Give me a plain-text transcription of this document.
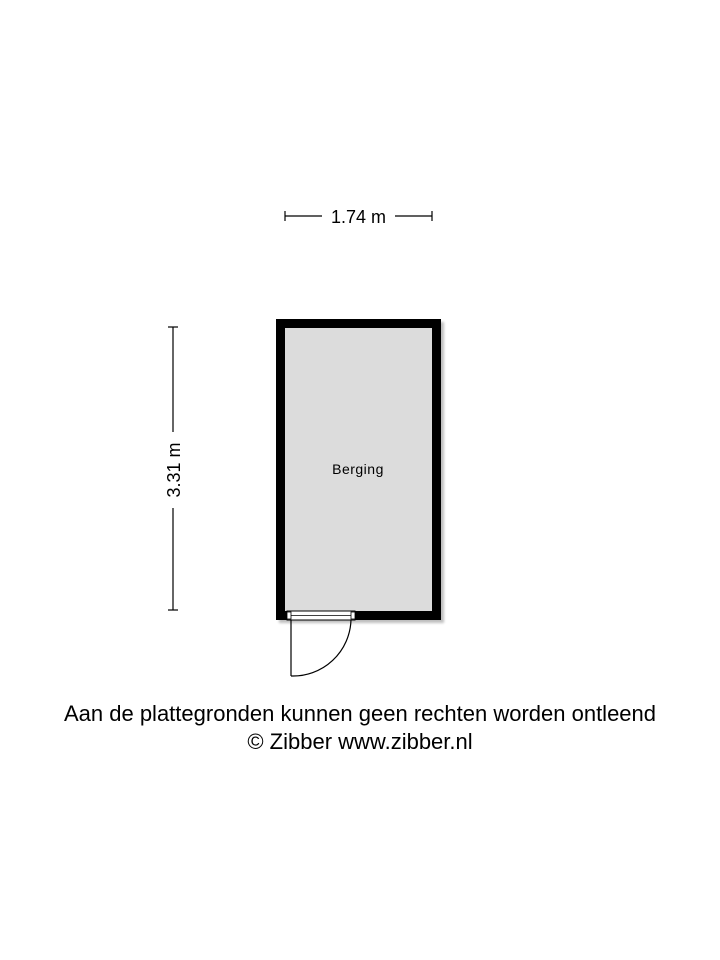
1.74 m
3.31 m	Berging
Aan de plattegronden kunnen geen rechten worden ontleend
© Zibber www.zibber.nl
